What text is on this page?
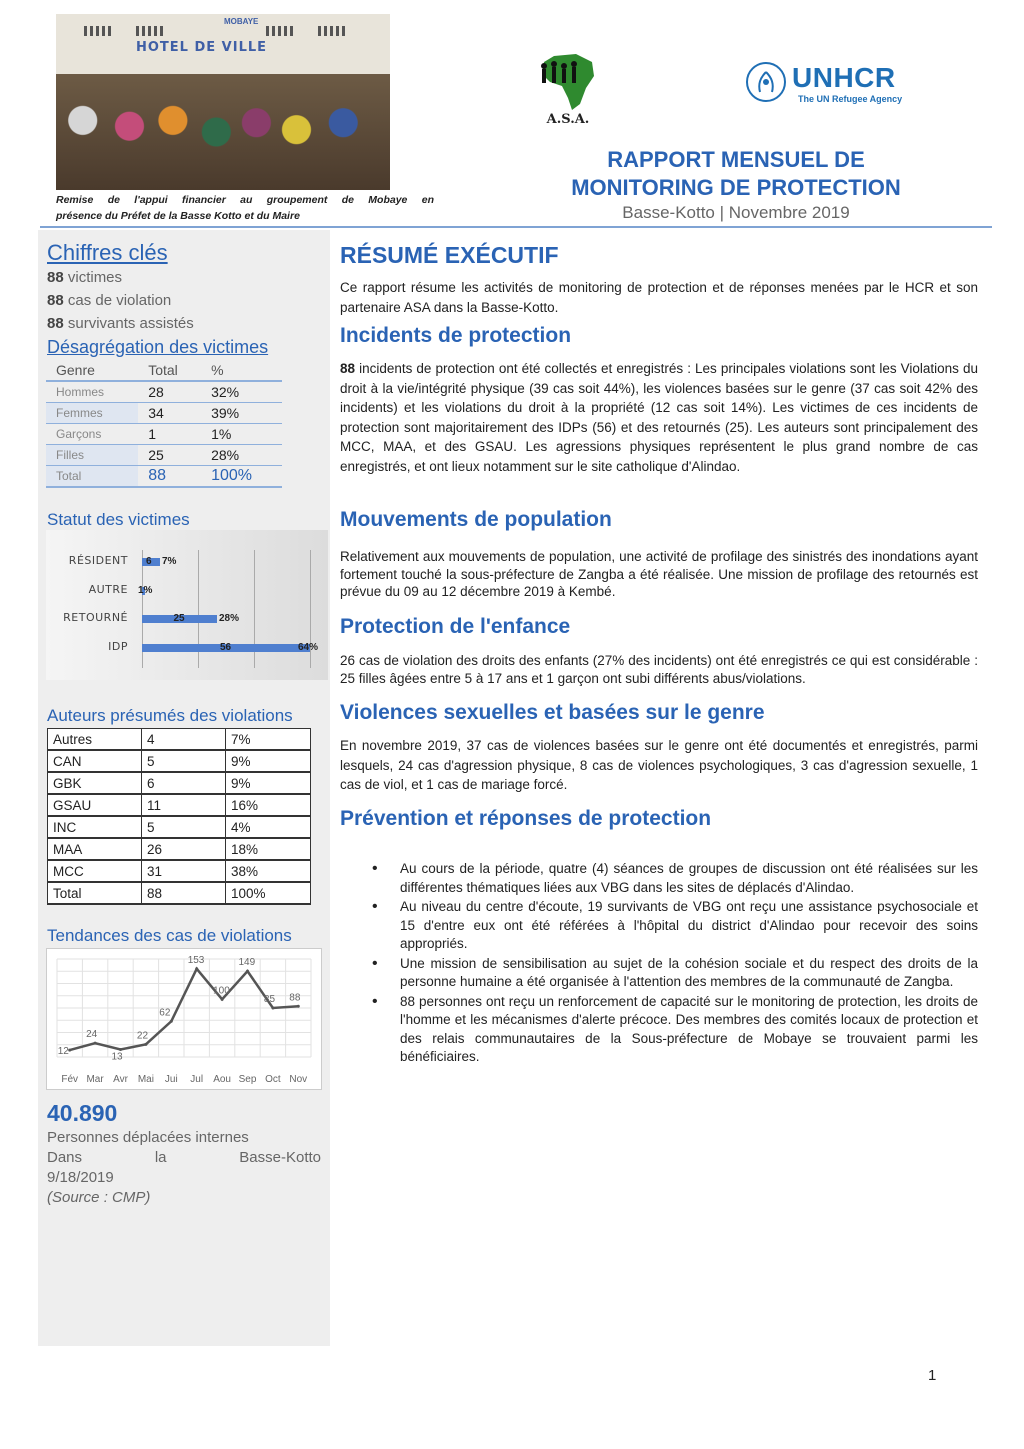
MOBAYE
HOTEL DE VILLE
Remise de l'appui financier au groupement de Mobaye en
présence du Préfet de la Basse Kotto et du Maire
A.S.A.
UNHCR
The UN Refugee Agency
RAPPORT MENSUEL DE
MONITORING DE PROTECTION
Basse-Kotto | Novembre 2019
Chiffres clés
88 victimes
88 cas de violation
88 survivants assistés
Désagrégation des victimes
Genre	Total	%
Hommes	28	32%
Femmes	34	39%
Garçons	1	1%
Filles	25	28%
Total	88	100%
Statut des victimes
RÉSIDENT 6 7%
AUTRE 1%
RETOURNÉ	25	28%
IDP	56	64%
Auteurs présumés des violations
Autres	4	7%
CAN	5	9%
GBK	6	9%
GSAU	11	16%
INC	5	4%
MAA	26	18%
MCC	31	38%
Total	88	100%
Tendances des cas de violations
12
Fév
24
Mar
13
Avr
22
Mai
62
Jui
153
Jul
100
Aou
149
Sep
85
Oct
88
Nov
40.890
Personnes déplacées internes
Dans	la	Basse-Kotto
9/18/2019
(Source : CMP)
RÉSUMÉ EXÉCUTIF
Ce rapport résume les activités de monitoring de protection et de réponses menées par le HCR et son partenaire ASA dans la Basse-Kotto.
Incidents de protection
88 incidents de protection ont été collectés et enregistrés : Les principales violations sont les Violations du droit à la vie/intégrité physique (39 cas soit 44%), les violences basées sur le genre (37 cas soit 42% des incidents) et les violations du droit à la propriété (12 cas soit 14%). Les victimes de ces incidents de protection sont majoritairement des IDPs (56) et des retournés (25). Les auteurs sont principalement des MCC, MAA, et des GSAU. Les agressions physiques représentent le plus grand nombre de cas enregistrés, et ont lieux notamment sur le site catholique d'Alindao.
Mouvements de population
Relativement aux mouvements de population, une activité de profilage des sinistrés des inondations ayant fortement touché la sous-préfecture de Zangba a été réalisée. Une mission de profilage des retournés est prévue du 09 au 12 décembre 2019 à Kembé.
Protection de l'enfance
26 cas de violation des droits des enfants (27% des incidents) ont été enregistrés ce qui est considérable : 25 filles âgées entre 5 à 17 ans et 1 garçon ont subi différents abus/violations.
Violences sexuelles et basées sur le genre
En novembre 2019, 37 cas de violences basées sur le genre ont été documentés et enregistrés, parmi lesquels, 24 cas d'agression physique, 8 cas de violences psychologiques, 3 cas d'agression sexuelle, 1 cas de viol, et 1 cas de mariage forcé.
Prévention et réponses de protection
• Au cours de la période, quatre (4) séances de groupes de discussion ont été réalisées sur les différentes thématiques liées aux VBG dans les sites de déplacés d'Alindao.
• Au niveau du centre d'écoute, 19 survivants de VBG ont reçu une assistance psychosociale et 15 d'entre eux ont été référées à l'hôpital du district d'Alindao pour recevoir des soins appropriés.
• Une mission de sensibilisation au sujet de la cohésion sociale et du respect des droits de la personne humaine a été organisée à l'attention des membres de la communauté de Zangba.
• 88 personnes ont reçu un renforcement de capacité sur le monitoring de protection, les droits de l'homme et les mécanismes d'alerte précoce. Des membres des comités locaux de protection et des relais communautaires de la Sous-préfecture de Mobaye se trouvaient parmi les bénéficiaires.
1
